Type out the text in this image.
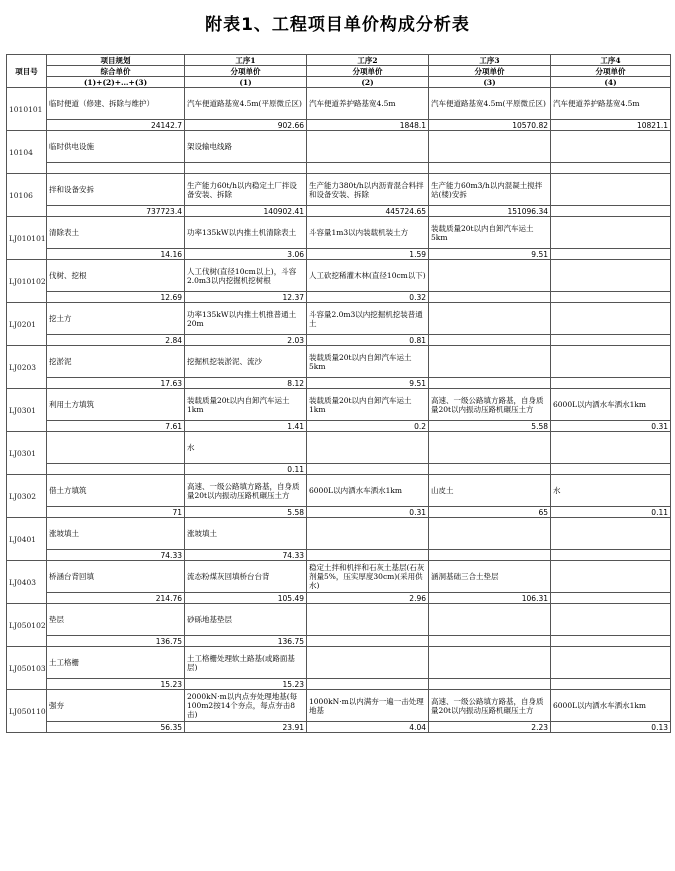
附表1、工程项目单价构成分析表
项目号	项目规划	工序1	工序2	工序3	工序4
	综合单价	分项单价	分项单价	分项单价	分项单价
	(1)+(2)+…+(3)	(1)	(2)	(3)	(4)
1010101	临时便道（修建、拆除与维护）	汽车便道路基宽4.5m(平原微丘区)	汽车便道养护路基宽4.5m	汽车便道路基宽4.5m(平原微丘区)	汽车便道养护路基宽4.5m
	24142.7	902.66	1848.1	10570.82	10821.1
10104	临时供电设施	架设输电线路			

10106	拌和设备安拆	生产能力60t/h以内稳定土厂拌设备安装、拆除	生产能力380t/h以内沥青混合料拌和设备安装、拆除	生产能力60m3/h以内混凝土搅拌站(楼)安拆	
	737723.4	140902.41	445724.65	151096.34	
LJ010101	清除表土	功率135kW以内推土机清除表土	斗容量1m3以内装载机装土方	装载质量20t以内自卸汽车运土5km	
	14.16	3.06	1.59	9.51	
LJ010102	伐树、挖根	人工伐树(直径10cm以上)，斗容2.0m3以内挖掘机挖树根	人工砍挖稀灌木林(直径10cm以下)		
	12.69	12.37	0.32		
LJ0201	挖土方	功率135kW以内推土机推普通土20m	斗容量2.0m3以内挖掘机挖装普通土		
	2.84	2.03	0.81		
LJ0203	挖淤泥	挖掘机挖装淤泥、流沙	装载质量20t以内自卸汽车运土5km		
	17.63	8.12	9.51		
LJ0301	利用土方填筑	装载质量20t以内自卸汽车运土1km	装载质量20t以内自卸汽车运土1km	高速、一级公路填方路基，自身质量20t以内振动压路机碾压土方	6000L以内洒水车洒水1km
	7.61	1.41	0.2	5.58	0.31
LJ0301		水			
		0.11			
LJ0302	借土方填筑	高速、一级公路填方路基，自身质量20t以内振动压路机碾压土方	6000L以内洒水车洒水1km	山皮土	水
	71	5.58	0.31	65	0.11
LJ0401	涨坡填土	涨坡填土			
	74.33	74.33			
LJ0403	桥涵台背回填	流态粉煤灰回填桥台台背	稳定土拌和机拌和石灰土基层(石灰剂量5%，压实厚度30cm)(采用供水)	涵洞基础三合土垫层	
	214.76	105.49	2.96	106.31	
LJ050102	垫层	砂砾地基垫层			
	136.75	136.75			
LJ050103	土工格栅	土工格栅处理软土路基(或路面基层)			
	15.23	15.23			
LJ050110	强夯	2000kN·m以内点夯处理地基(每100m2按14个夯点，每点夯击8击)	1000kN·m以内满夯一遍一击处理地基	高速、一级公路填方路基，自身质量20t以内振动压路机碾压土方	6000L以内洒水车洒水1km
	56.35	23.91	4.04	2.23	0.13
